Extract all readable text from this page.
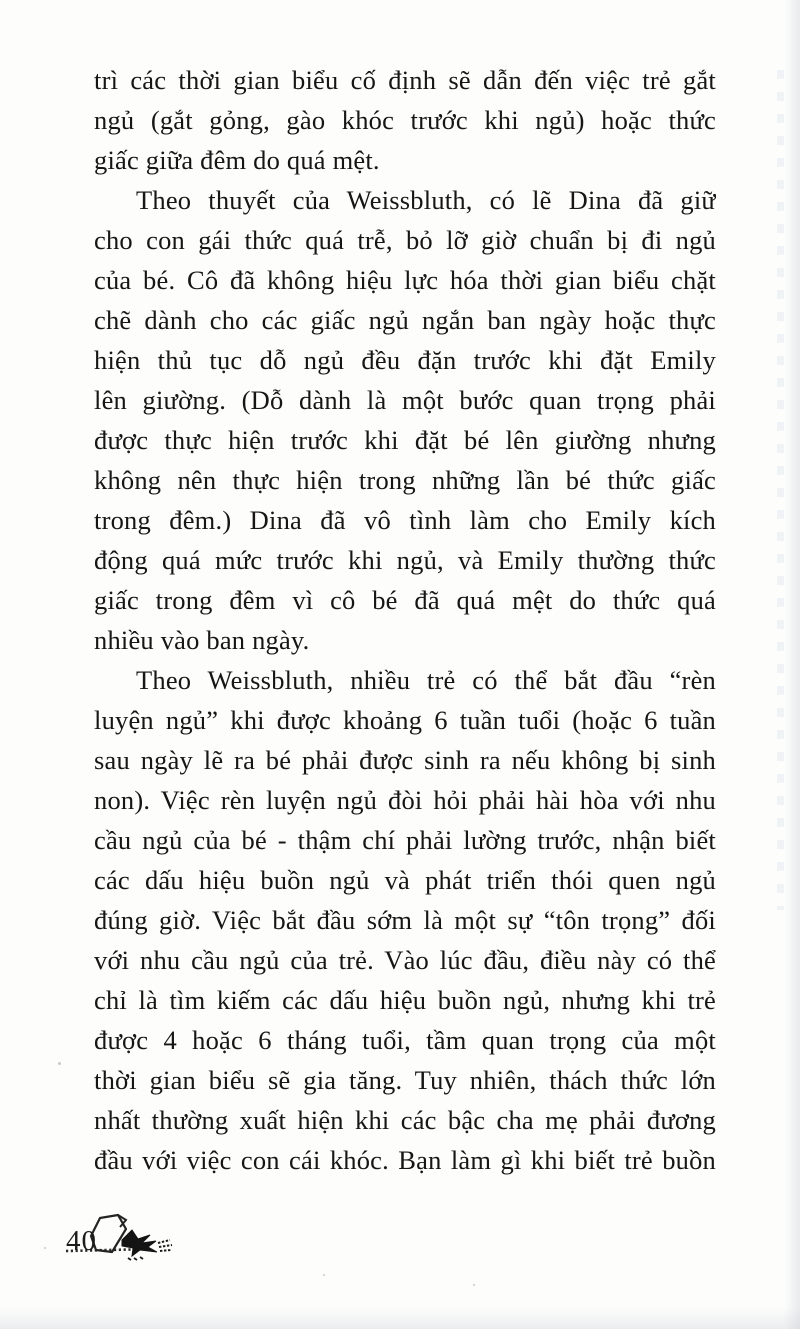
trì các thời gian biểu cố định sẽ dẫn đến việc trẻ gắt
ngủ (gắt gỏng, gào khóc trước khi ngủ) hoặc thức
giấc giữa đêm do quá mệt.
Theo thuyết của Weissbluth, có lẽ Dina đã giữ
cho con gái thức quá trễ, bỏ lỡ giờ chuẩn bị đi ngủ
của bé. Cô đã không hiệu lực hóa thời gian biểu chặt
chẽ dành cho các giấc ngủ ngắn ban ngày hoặc thực
hiện thủ tục dỗ ngủ đều đặn trước khi đặt Emily
lên giường. (Dỗ dành là một bước quan trọng phải
được thực hiện trước khi đặt bé lên giường nhưng
không nên thực hiện trong những lần bé thức giấc
trong đêm.) Dina đã vô tình làm cho Emily kích
động quá mức trước khi ngủ, và Emily thường thức
giấc trong đêm vì cô bé đã quá mệt do thức quá
nhiều vào ban ngày.
Theo Weissbluth, nhiều trẻ có thể bắt đầu “rèn
luyện ngủ” khi được khoảng 6 tuần tuổi (hoặc 6 tuần
sau ngày lẽ ra bé phải được sinh ra nếu không bị sinh
non). Việc rèn luyện ngủ đòi hỏi phải hài hòa với nhu
cầu ngủ của bé - thậm chí phải lường trước, nhận biết
các dấu hiệu buồn ngủ và phát triển thói quen ngủ
đúng giờ. Việc bắt đầu sớm là một sự “tôn trọng” đối
với nhu cầu ngủ của trẻ. Vào lúc đầu, điều này có thể
chỉ là tìm kiếm các dấu hiệu buồn ngủ, nhưng khi trẻ
được 4 hoặc 6 tháng tuổi, tầm quan trọng của một
thời gian biểu sẽ gia tăng. Tuy nhiên, thách thức lớn
nhất thường xuất hiện khi các bậc cha mẹ phải đương
đầu với việc con cái khóc. Bạn làm gì khi biết trẻ buồn
40
